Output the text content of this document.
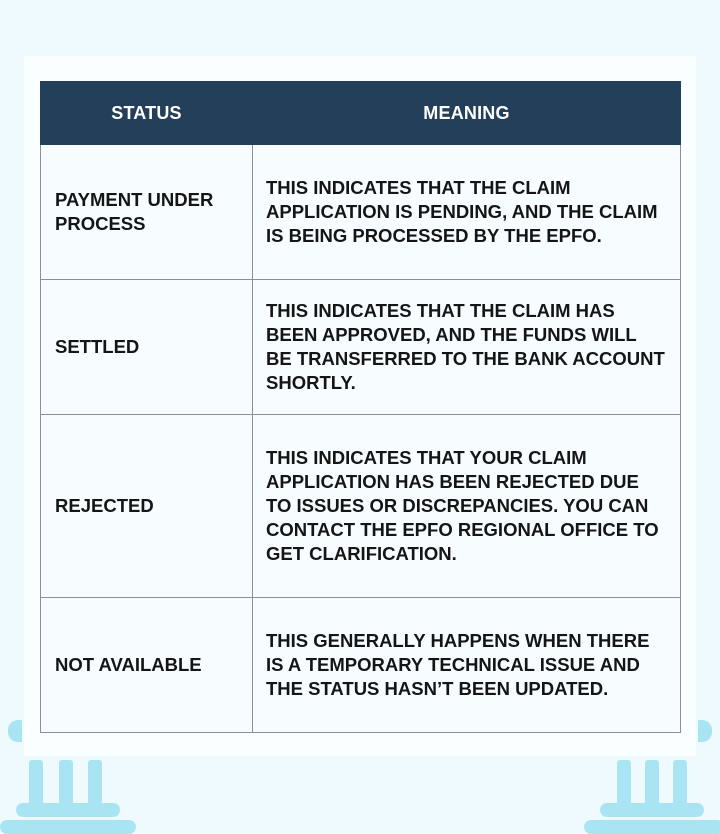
STATUS	MEANING
PAYMENT UNDER PROCESS	THIS INDICATES THAT THE CLAIM APPLICATION IS PENDING, AND THE CLAIM IS BEING PROCESSED BY THE EPFO.
SETTLED	THIS INDICATES THAT THE CLAIM HAS BEEN APPROVED, AND THE FUNDS WILL BE TRANSFERRED TO THE BANK ACCOUNT SHORTLY.
REJECTED	THIS INDICATES THAT YOUR CLAIM APPLICATION HAS BEEN REJECTED DUE TO ISSUES OR DISCREPANCIES. YOU CAN CONTACT THE EPFO REGIONAL OFFICE TO GET CLARIFICATION.
NOT AVAILABLE	THIS GENERALLY HAPPENS WHEN THERE IS A TEMPORARY TECHNICAL ISSUE AND THE STATUS HASN’T BEEN UPDATED.
